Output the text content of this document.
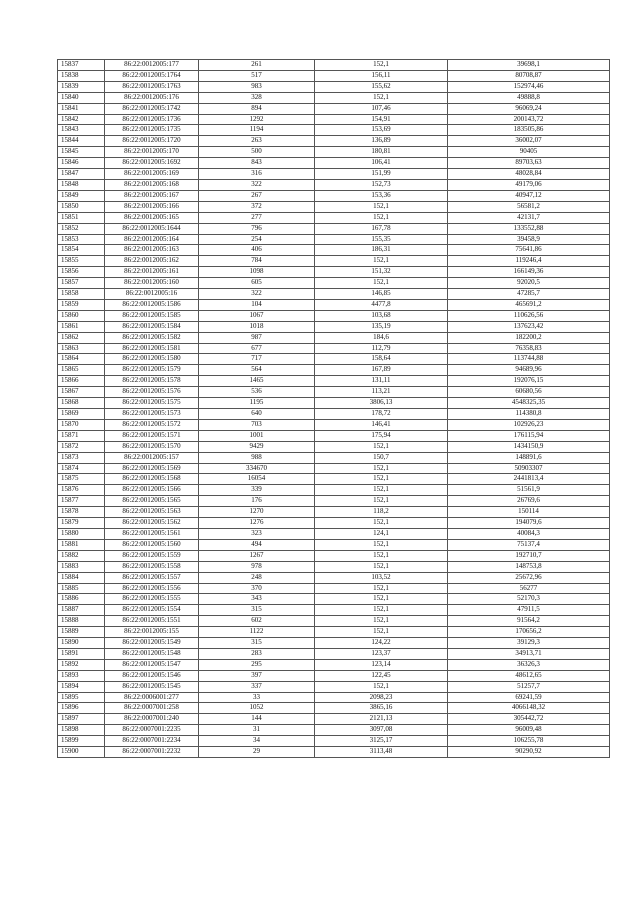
15837	86:22:0012005:177	261	152,1	39698,1
15838	86:22:0012005:1764	517	156,11	80708,87
15839	86:22:0012005:1763	983	155,62	152974,46
15840	86:22:0012005:176	328	152,1	49888,8
15841	86:22:0012005:1742	894	107,46	96069,24
15842	86:22:0012005:1736	1292	154,91	200143,72
15843	86:22:0012005:1735	1194	153,69	183505,86
15844	86:22:0012005:1720	263	136,89	36002,07
15845	86:22:0012005:170	500	180,81	90405
15846	86:22:0012005:1692	843	106,41	89703,63
15847	86:22:0012005:169	316	151,99	48028,84
15848	86:22:0012005:168	322	152,73	49179,06
15849	86:22:0012005:167	267	153,36	40947,12
15850	86:22:0012005:166	372	152,1	56581,2
15851	86:22:0012005:165	277	152,1	42131,7
15852	86:22:0012005:1644	796	167,78	133552,88
15853	86:22:0012005:164	254	155,35	39458,9
15854	86:22:0012005:163	406	186,31	75641,86
15855	86:22:0012005:162	784	152,1	119246,4
15856	86:22:0012005:161	1098	151,32	166149,36
15857	86:22:0012005:160	605	152,1	92020,5
15858	86:22:0012005:16	322	146,85	47285,7
15859	86:22:0012005:1586	104	4477,8	465691,2
15860	86:22:0012005:1585	1067	103,68	110626,56
15861	86:22:0012005:1584	1018	135,19	137623,42
15862	86:22:0012005:1582	987	184,6	182200,2
15863	86:22:0012005:1581	677	112,79	76358,83
15864	86:22:0012005:1580	717	158,64	113744,88
15865	86:22:0012005:1579	564	167,89	94689,96
15866	86:22:0012005:1578	1465	131,11	192076,15
15867	86:22:0012005:1576	536	113,21	60680,56
15868	86:22:0012005:1575	1195	3806,13	4548325,35
15869	86:22:0012005:1573	640	178,72	114380,8
15870	86:22:0012005:1572	703	146,41	102926,23
15871	86:22:0012005:1571	1001	175,94	176115,94
15872	86:22:0012005:1570	9429	152,1	1434150,9
15873	86:22:0012005:157	988	150,7	148891,6
15874	86:22:0012005:1569	334670	152,1	50903307
15875	86:22:0012005:1568	16054	152,1	2441813,4
15876	86:22:0012005:1566	339	152,1	51561,9
15877	86:22:0012005:1565	176	152,1	26769,6
15878	86:22:0012005:1563	1270	118,2	150114
15879	86:22:0012005:1562	1276	152,1	194079,6
15880	86:22:0012005:1561	323	124,1	40084,3
15881	86:22:0012005:1560	494	152,1	75137,4
15882	86:22:0012005:1559	1267	152,1	192710,7
15883	86:22:0012005:1558	978	152,1	148753,8
15884	86:22:0012005:1557	248	103,52	25672,96
15885	86:22:0012005:1556	370	152,1	56277
15886	86:22:0012005:1555	343	152,1	52170,3
15887	86:22:0012005:1554	315	152,1	47911,5
15888	86:22:0012005:1551	602	152,1	91564,2
15889	86:22:0012005:155	1122	152,1	170656,2
15890	86:22:0012005:1549	315	124,22	39129,3
15891	86:22:0012005:1548	283	123,37	34913,71
15892	86:22:0012005:1547	295	123,14	36326,3
15893	86:22:0012005:1546	397	122,45	48612,65
15894	86:22:0012005:1545	337	152,1	51257,7
15895	86:22:0006001:277	33	2098,23	69241,59
15896	86:22:0007001:258	1052	3865,16	4066148,32
15897	86:22:0007001:240	144	2121,13	305442,72
15898	86:22:0007001:2235	31	3097,08	96009,48
15899	86:22:0007001:2234	34	3125,17	106255,78
15900	86:22:0007001:2232	29	3113,48	90290,92
